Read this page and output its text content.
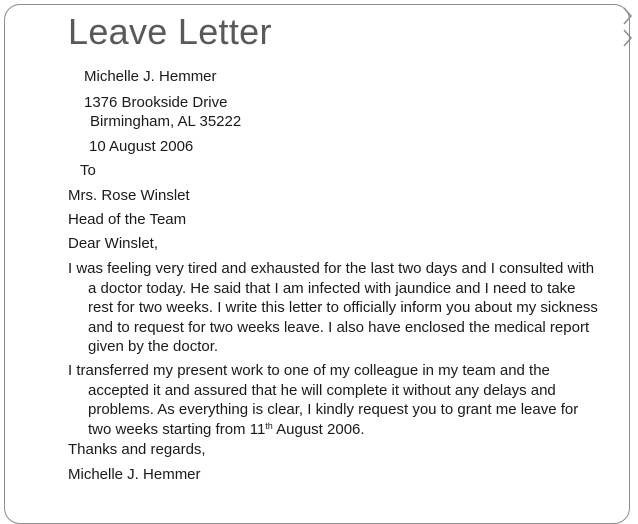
Leave Letter
Michelle J. Hemmer
1376 Brookside Drive
Birmingham, AL 35222
10 August 2006
To
Mrs. Rose Winslet
Head of the Team
Dear Winslet,
I was feeling very tired and exhausted for the last two days and I consulted with a doctor today. He said that I am infected with jaundice and I need to take rest for two weeks. I write this letter to officially inform you about my sickness and to request for two weeks leave. I also have enclosed the medical report given by the doctor.
I transferred my present work to one of my colleague in my team and the accepted it and assured that he will complete it without any delays and problems. As everything is clear, I kindly request you to grant me leave for two weeks starting from 11th August 2006.
Thanks and regards,
Michelle J. Hemmer
